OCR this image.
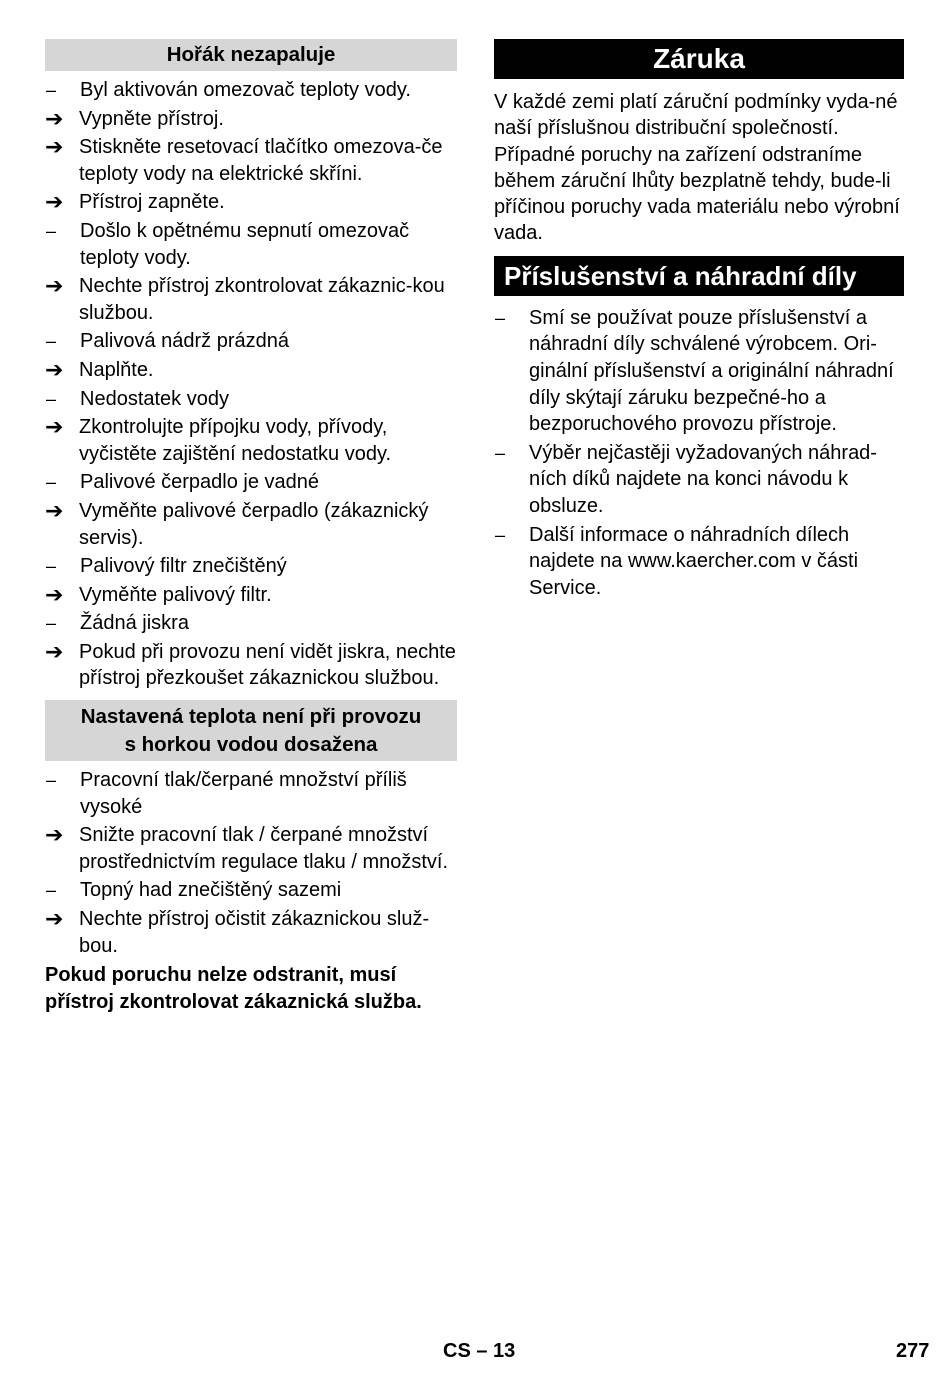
Hořák nezapaluje
–	Byl aktivován omezovač teploty vody.
➔ Vypněte přístroj.
➔ Stiskněte resetovací tlačítko omezova-če teploty vody na elektrické skříni.
➔ Přístroj zapněte.
–	Došlo k opětnému sepnutí omezovač teploty vody.
➔ Nechte přístroj zkontrolovat zákaznic-kou službou.
–	Palivová nádrž prázdná
➔ Naplňte.
–	Nedostatek vody
➔ Zkontrolujte přípojku vody, přívody, vyčistěte zajištění nedostatku vody.
–	Palivové čerpadlo je vadné
➔ Vyměňte palivové čerpadlo (zákaznický servis).
–	Palivový filtr znečištěný
➔ Vyměňte palivový filtr.
–	Žádná jiskra
➔ Pokud při provozu není vidět jiskra, nechte přístroj přezkoušet zákaznickou službou.
Nastavená teplota není při provozu
s horkou vodou dosažena
–	Pracovní tlak/čerpané množství příliš vysoké
➔ Snižte pracovní tlak / čerpané množství prostřednictvím regulace tlaku / množství.
–	Topný had znečištěný sazemi
➔ Nechte přístroj očistit zákaznickou služ-bou.
Pokud poruchu nelze odstranit, musí přístroj zkontrolovat zákaznická služba.
Záruka
V každé zemi platí záruční podmínky vyda-né naší příslušnou distribuční společností. Případné poruchy na zařízení odstraníme během záruční lhůty bezplatně tehdy, bude-li příčinou poruchy vada materiálu nebo výrobní vada.
Příslušenství a náhradní díly
–	Smí se používat pouze příslušenství a náhradní díly schválené výrobcem. Ori-ginální příslušenství a originální náhradní díly skýtají záruku bezpečné-ho a bezporuchového provozu přístroje.
–	Výběr nejčastěji vyžadovaných náhrad-ních díků najdete na konci návodu k obsluze.
–	Další informace o náhradních dílech najdete na www.kaercher.com v části Service.
CS – 13	277
